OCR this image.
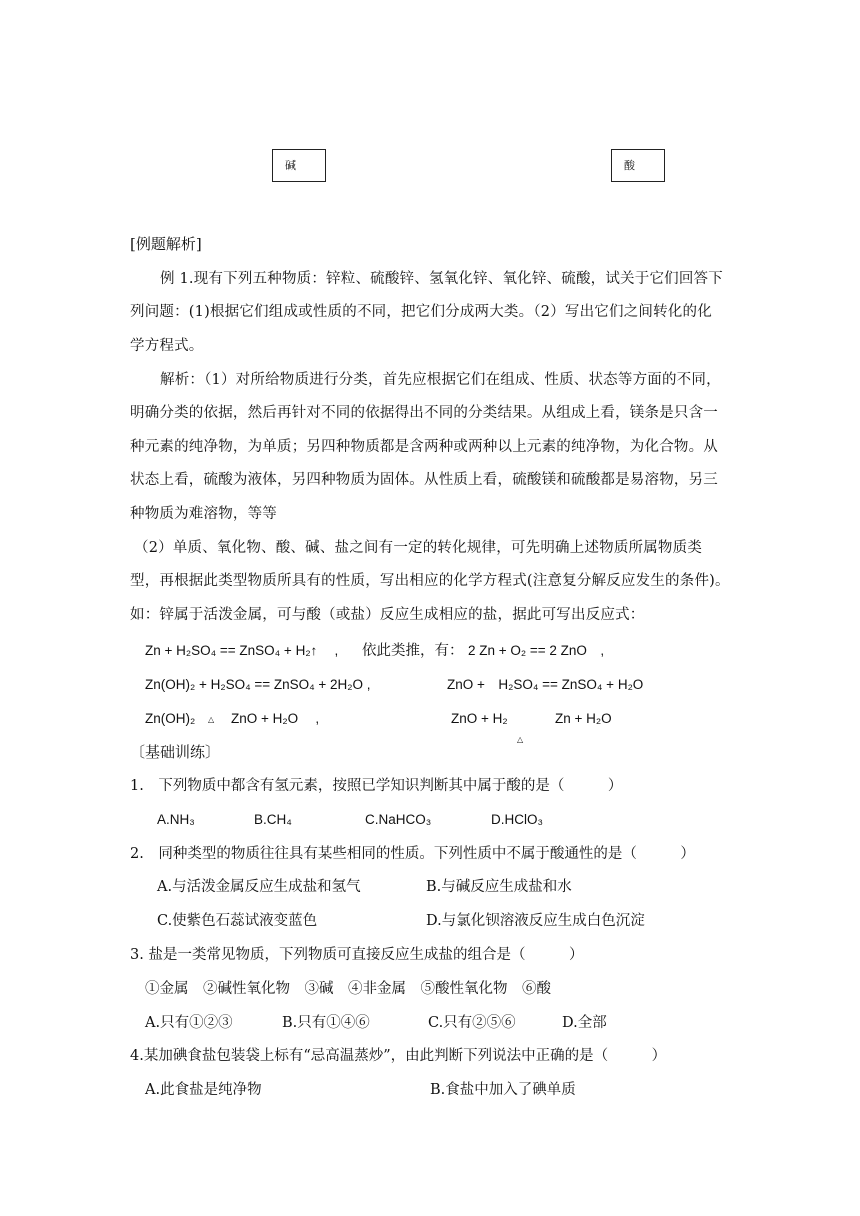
碱	酸
[例题解析]
例 1.现有下列五种物质：锌粒、硫酸锌、氢氧化锌、氧化锌、硫酸，试关于它们回答下
列问题：(1)根据它们组成或性质的不同，把它们分成两大类。（2）写出它们之间转化的化
学方程式。
解析：（1）对所给物质进行分类，首先应根据它们在组成、性质、状态等方面的不同，
明确分类的依据，然后再针对不同的依据得出不同的分类结果。从组成上看，镁条是只含一
种元素的纯净物，为单质；另四种物质都是含两种或两种以上元素的纯净物，为化合物。从
状态上看，硫酸为液体，另四种物质为固体。从性质上看，硫酸镁和硫酸都是易溶物，另三
种物质为难溶物，等等
（2）单质、氧化物、酸、碱、盐之间有一定的转化规律，可先明确上述物质所属物质类
型，再根据此类型物质所具有的性质，写出相应的化学方程式(注意复分解反应发生的条件)。
如：锌属于活泼金属，可与酸（或盐）反应生成相应的盐，据此可写出反应式：
Zn + H₂SO₄ == ZnSO₄ + H₂↑　 , 依此类推，有： 2 Zn + O₂ == 2 ZnO　,
Zn(OH)₂ + H₂SO₄ == ZnSO₄ + 2H₂O ,	ZnO +　H₂SO₄ == ZnSO₄ + H₂O
Zn(OH)₂ △	ZnO + H₂O　 ,	ZnO + H₂
△
Zn + H₂O
〔基础训练〕
1.　下列物质中都含有氢元素，按照已学知识判断其中属于酸的是（　　　）
A.NH₃	B.CH₄	C.NaHCO₃	D.HClO₃
2.　同种类型的物质往往具有某些相同的性质。下列性质中不属于酸通性的是（　　　）
A.与活泼金属反应生成盐和氢气	B.与碱反应生成盐和水
C.使紫色石蕊试液变蓝色	D.与氯化钡溶液反应生成白色沉淀
3. 盐是一类常见物质，下列物质可直接反应生成盐的组合是（　　　）
①金属　②碱性氧化物　③碱　④非金属　⑤酸性氧化物　⑥酸
A.只有①②③	B.只有①④⑥	C.只有②⑤⑥	D.全部
4.某加碘食盐包装袋上标有“忌高温蒸炒”，由此判断下列说法中正确的是（　　　）
A.此食盐是纯净物	B.食盐中加入了碘单质
